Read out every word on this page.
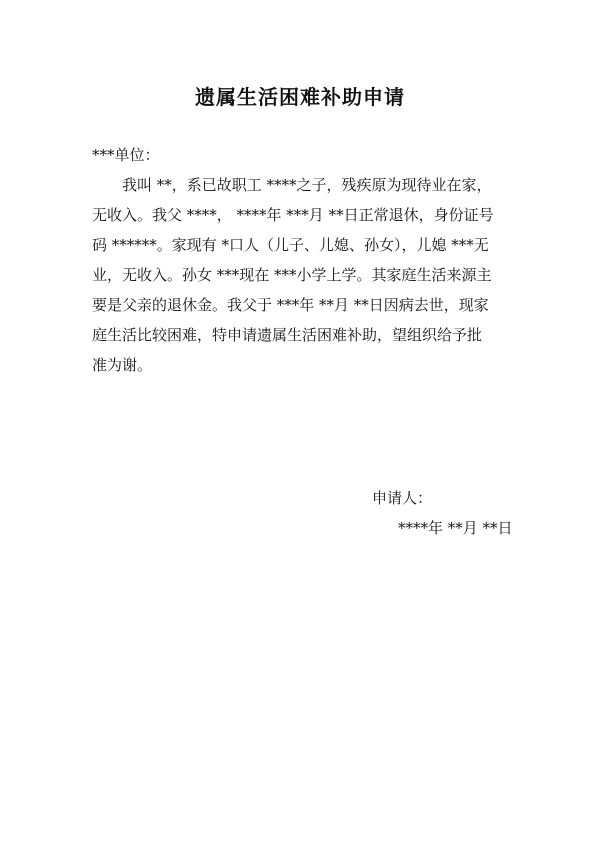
遗属生活困难补助申请
***单位：
我叫 **，系已故职工 ****之子，残疾原为现待业在家，
无收入。我父 ****， ****年 ***月 **日正常退休，身份证号
码 ******。家现有 *口人（儿子、儿媳、孙女），儿媳 ***无
业，无收入。孙女 ***现在 ***小学上学。其家庭生活来源主
要是父亲的退休金。我父于 ***年 **月 **日因病去世，现家
庭生活比较困难，特申请遗属生活困难补助，望组织给予批
准为谢。
申请人：
****年 **月 **日
